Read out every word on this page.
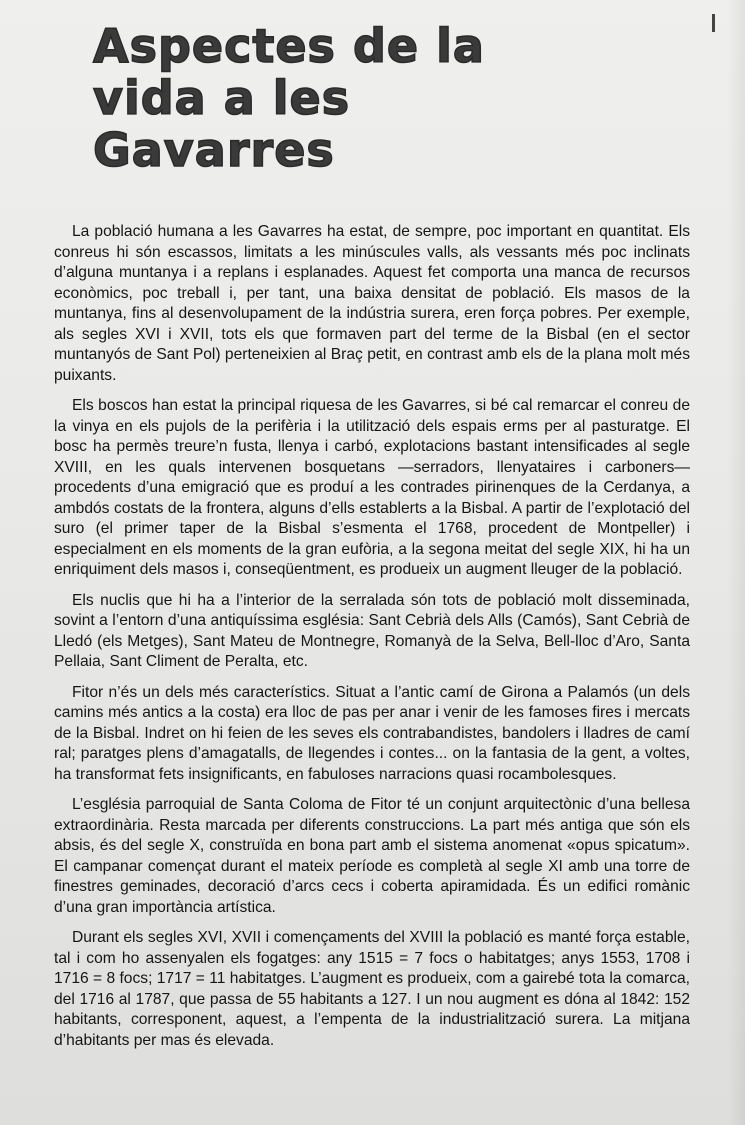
Aspectes de la
vida a les
Gavarres

La població humana a les Gavarres ha estat, de sempre, poc important en quantitat. Els conreus hi són escassos, limitats a les minúscules valls, als vessants més poc inclinats d’alguna muntanya i a replans i esplanades. Aquest fet comporta una manca de recursos econòmics, poc treball i, per tant, una baixa densitat de població. Els masos de la muntanya, fins al desenvolupament de la indústria surera, eren força pobres. Per exemple, als segles XVI i XVII, tots els que formaven part del terme de la Bisbal (en el sector muntanyós de Sant Pol) perteneixien al Braç petit, en contrast amb els de la plana molt més puixants.

Els boscos han estat la principal riquesa de les Gavarres, si bé cal remarcar el conreu de la vinya en els pujols de la perifèria i la utilització dels espais erms per al pasturatge. El bosc ha permès treure’n fusta, llenya i carbó, explotacions bastant intensificades al segle XVIII, en les quals intervenen bosquetans —serradors, llenyataires i carboners— procedents d’una emigració que es produí a les contrades pirinenques de la Cerdanya, a ambdós costats de la frontera, alguns d’ells establerts a la Bisbal. A partir de l’explotació del suro (el primer taper de la Bisbal s’esmenta el 1768, procedent de Montpeller) i especialment en els moments de la gran eufòria, a la segona meitat del segle XIX, hi ha un enriquiment dels masos i, conseqüentment, es produeix un augment lleuger de la població.

Els nuclis que hi ha a l’interior de la serralada són tots de població molt disseminada, sovint a l’entorn d’una antiquíssima església: Sant Cebrià dels Alls (Camós), Sant Cebrià de Lledó (els Metges), Sant Mateu de Montnegre, Romanyà de la Selva, Bell-lloc d’Aro, Santa Pellaia, Sant Climent de Peralta, etc.

Fitor n’és un dels més característics. Situat a l’antic camí de Girona a Palamós (un dels camins més antics a la costa) era lloc de pas per anar i venir de les famoses fires i mercats de la Bisbal. Indret on hi feien de les seves els contrabandistes, bandolers i lladres de camí ral; paratges plens d’amagatalls, de llegendes i contes... on la fantasia de la gent, a voltes, ha transformat fets insignificants, en fabuloses narracions quasi rocambolesques.

L’església parroquial de Santa Coloma de Fitor té un conjunt arquitectònic d’una bellesa extraordinària. Resta marcada per diferents construccions. La part més antiga que són els absis, és del segle X, construïda en bona part amb el sistema anomenat «opus spicatum». El campanar començat durant el mateix període es completà al segle XI amb una torre de finestres geminades, decoració d’arcs cecs i coberta apiramidada. És un edifici romànic d’una gran importància artística.

Durant els segles XVI, XVII i començaments del XVIII la població es manté força estable, tal i com ho assenyalen els fogatges: any 1515 = 7 focs o habitatges; anys 1553, 1708 i 1716 = 8 focs; 1717 = 11 habitatges. L’augment es produeix, com a gairebé tota la comarca, del 1716 al 1787, que passa de 55 habitants a 127. I un nou augment es dóna al 1842: 152 habitants, corresponent, aquest, a l’empenta de la industrialització surera. La mitjana d’habitants per mas és elevada.
